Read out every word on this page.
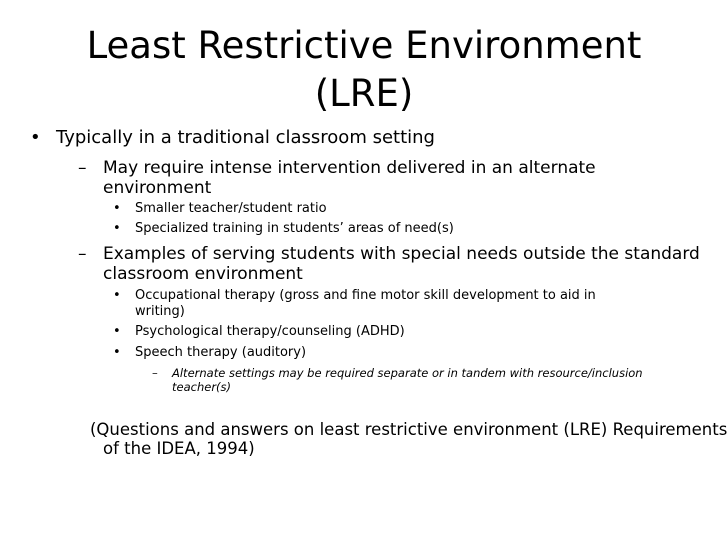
Least Restrictive Environment
(LRE)
• Typically in a traditional classroom setting
– May require intense intervention delivered in an alternate
environment
• Smaller teacher/student ratio
• Specialized training in students’ areas of need(s)
– Examples of serving students with special needs outside the standard
classroom environment
• Occupational therapy (gross and fine motor skill development to aid in
writing)
• Psychological therapy/counseling (ADHD)
• Speech therapy (auditory)
– Alternate settings may be required separate or in tandem with resource/inclusion
teacher(s)
(Questions and answers on least restrictive environment (LRE) Requirements
of the IDEA, 1994)
